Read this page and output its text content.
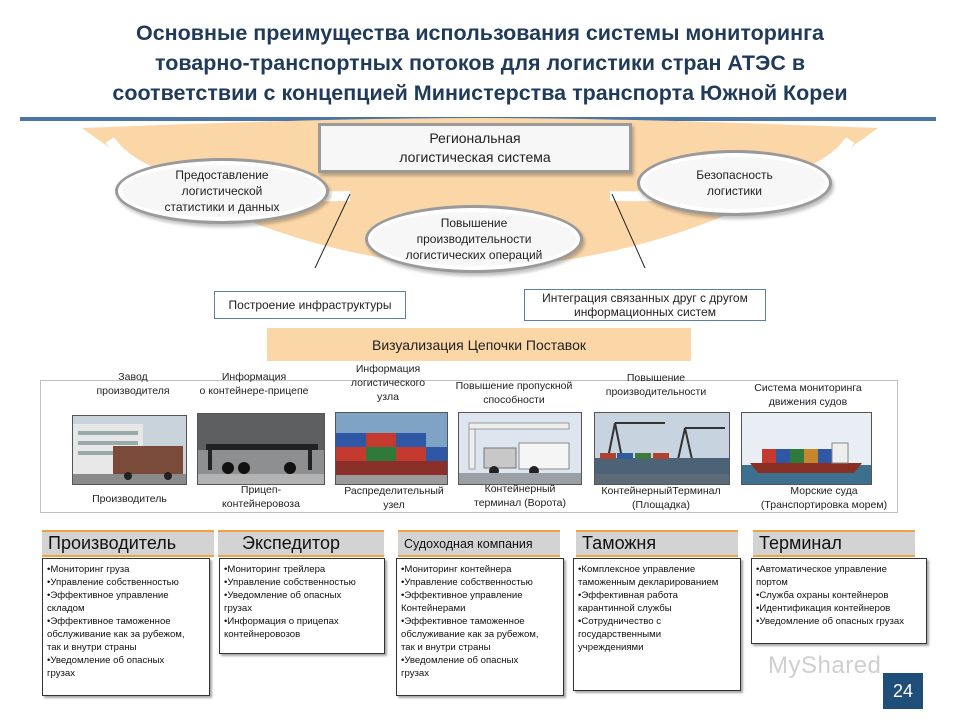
Основные преимущества использования системы мониторинга
товарно-транспортных потоков для логистики стран АТЭС в
соответствии с концепцией Министерства транспорта Южной Кореи
Региональная
логистическая система
Предоставление
логистической
статистики и данных
Безопасность
логистики
Повышение
производительности
логистических операций
Построение инфраструктуры	Интеграция связанных друг с другом
информационных систем
Визуализация Цепочки Поставок
Завод
производителя
Информация
о контейнере-прицепе
Информация
логистического
узла
Повышение пропускной
способности
Повышение
производительности	Система мониторинга
движения судов
Производитель
Прицеп-
контейнеровоза
Распределительный
узел
Контейнерный
терминал (Ворота)
КонтейнерныйТерминал
(Площадка)
Морские суда
(Транспортировка морем)
Производитель	Экспедитор	Судоходная компания	Таможня	Терминал
•Мониторинг груза
•Управление собственностью
•Эффективное управление
складом
•Эффективное таможенное
обслуживание как за рубежом,
так и внутри страны
•Уведомление об опасных
грузах
•Мониторинг трейлера
•Управление собственностью
•Уведомление об опасных
грузах
•Информация о прицепах
контейнеровозов
•Мониторинг контейнера
•Управление собственностью
•Эффективное управление
Контейнерами
•Эффективное таможенное
обслуживание как за рубежом,
так и внутри страны
•Уведомление об опасных
грузах
•Комплексное управление
таможенным декларированием
•Эффективная работа
карантинной службы
•Сотрудничество с
государственными
учреждениями
•Автоматическое управление
портом
•Служба охраны контейнеров
•Идентификация контейнеров
•Уведомление об опасных грузах
MyShared
24
